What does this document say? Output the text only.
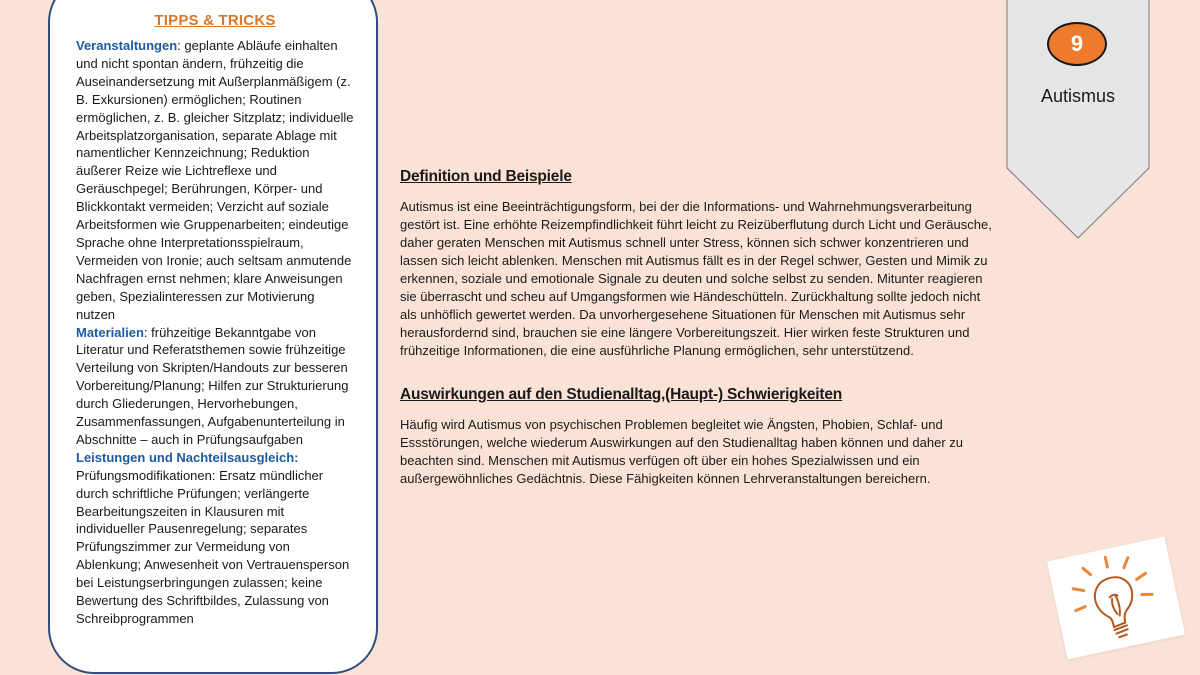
TIPPS & TRICKS

Veranstaltungen: geplante Abläufe einhalten und nicht spontan ändern, frühzeitig die Auseinandersetzung mit Außerplanmäßigem (z. B. Exkursionen) ermöglichen; Routinen ermöglichen, z. B. gleicher Sitzplatz; individuelle Arbeitsplatzorganisation, separate Ablage mit namentlicher Kennzeichnung; Reduktion äußerer Reize wie Lichtreflexe und Geräuschpegel; Berührungen, Körper- und Blickkontakt vermeiden; Verzicht auf soziale Arbeitsformen wie Gruppenarbeiten; eindeutige Sprache ohne Interpretationsspielraum, Vermeiden von Ironie; auch seltsam anmutende Nachfragen ernst nehmen; klare Anweisungen geben, Spezialinteressen zur Motivierung nutzen

Materialien: frühzeitige Bekanntgabe von Literatur und Referatsthemen sowie frühzeitige Verteilung von Skripten/Handouts zur besseren Vorbereitung/Planung; Hilfen zur Strukturierung durch Gliederungen, Hervorhebungen, Zusammenfassungen, Aufgabenunterteilung in Abschnitte – auch in Prüfungsaufgaben

Leistungen und Nachteilsausgleich:

Prüfungsmodifikationen: Ersatz mündlicher durch schriftliche Prüfungen; verlängerte Bearbeitungszeiten in Klausuren mit individueller Pausenregelung; separates Prüfungszimmer zur Vermeidung von Ablenkung; Anwesenheit von Vertrauensperson bei Leistungserbringungen zulassen; keine Bewertung des Schriftbildes, Zulassung von Schreibprogrammen

Definition und Beispiele

Autismus ist eine Beeinträchtigungsform, bei der die Informations- und Wahrnehmungsverarbeitung gestört ist. Eine erhöhte Reizempfindlichkeit führt leicht zu Reizüberflutung durch Licht und Geräusche, daher geraten Menschen mit Autismus schnell unter Stress, können sich schwer konzentrieren und lassen sich leicht ablenken. Menschen mit Autismus fällt es in der Regel schwer, Gesten und Mimik zu erkennen, soziale und emotionale Signale zu deuten und solche selbst zu senden. Mitunter reagieren sie überrascht und scheu auf Umgangsformen wie Händeschütteln. Zurückhaltung sollte jedoch nicht als unhöflich gewertet werden. Da unvorhergesehene Situationen für Menschen mit Autismus sehr herausfordernd sind, brauchen sie eine längere Vorbereitungszeit. Hier wirken feste Strukturen und frühzeitige Informationen, die eine ausführliche Planung ermöglichen, sehr unterstützend.

Auswirkungen auf den Studienalltag,(Haupt-) Schwierigkeiten

Häufig wird Autismus von psychischen Problemen begleitet wie Ängsten, Phobien, Schlaf- und Essstörungen, welche wiederum Auswirkungen auf den Studienalltag haben können und daher zu beachten sind. Menschen mit Autismus verfügen oft über ein hohes Spezialwissen und ein außergewöhnliches Gedächtnis. Diese Fähigkeiten können Lehrveranstaltungen bereichern.

9
Autismus
